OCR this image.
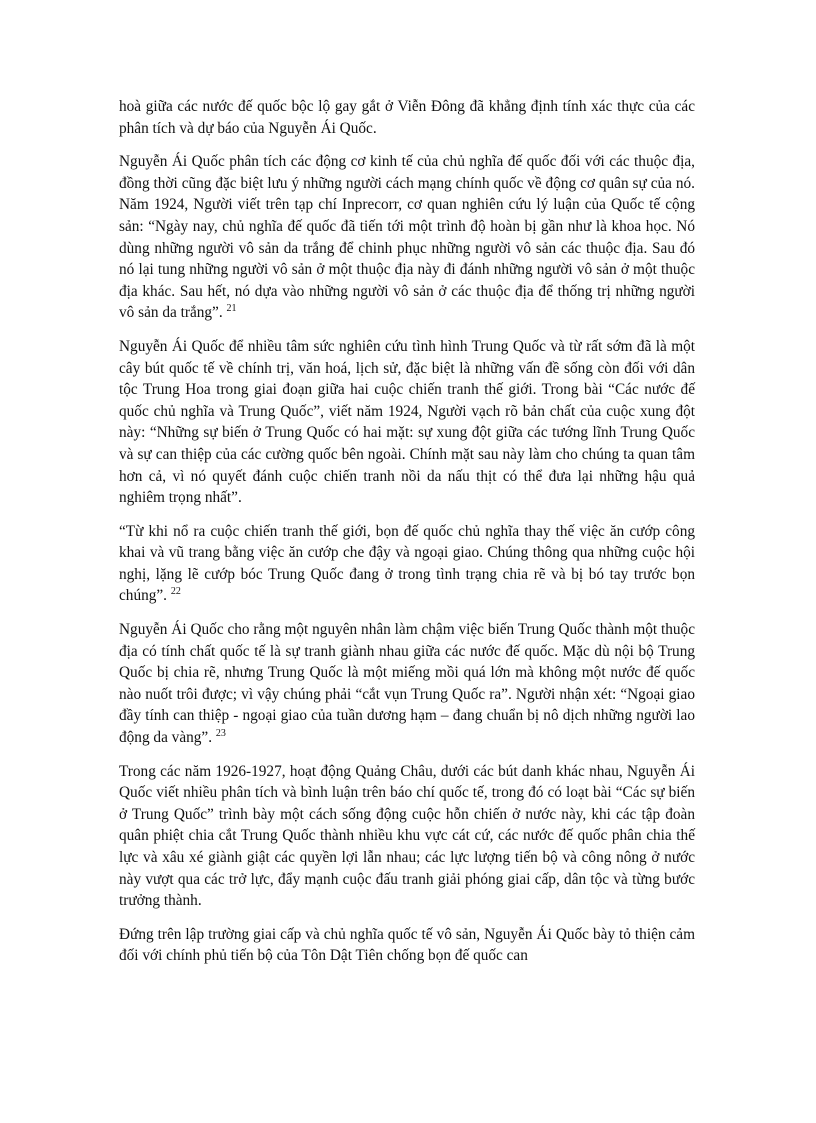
hoà giữa các nước đế quốc bộc lộ gay gắt ở Viễn Đông đã khẳng định tính xác thực của các phân tích và dự báo của Nguyễn Ái Quốc.

Nguyễn Ái Quốc phân tích các động cơ kinh tế của chủ nghĩa đế quốc đối với các thuộc địa, đồng thời cũng đặc biệt lưu ý những người cách mạng chính quốc về động cơ quân sự của nó. Năm 1924, Người viết trên tạp chí Inprecorr, cơ quan nghiên cứu lý luận của Quốc tế cộng sản: “Ngày nay, chủ nghĩa đế quốc đã tiến tới một trình độ hoàn bị gần như là khoa học. Nó dùng những người vô sản da trắng để chinh phục những người vô sản các thuộc địa. Sau đó nó lại tung những người vô sản ở một thuộc địa này đi đánh những người vô sản ở một thuộc địa khác. Sau hết, nó dựa vào những người vô sản ở các thuộc địa để thống trị những người vô sản da trắng”. $^{21}$

Nguyễn Ái Quốc để nhiều tâm sức nghiên cứu tình hình Trung Quốc và từ rất sớm đã là một cây bút quốc tế về chính trị, văn hoá, lịch sử, đặc biệt là những vấn đề sống còn đối với dân tộc Trung Hoa trong giai đoạn giữa hai cuộc chiến tranh thế giới. Trong bài “Các nước đế quốc chủ nghĩa và Trung Quốc”, viết năm 1924, Người vạch rõ bản chất của cuộc xung đột này: “Những sự biến ở Trung Quốc có hai mặt: sự xung đột giữa các tướng lĩnh Trung Quốc và sự can thiệp của các cường quốc bên ngoài. Chính mặt sau này làm cho chúng ta quan tâm hơn cả, vì nó quyết đánh cuộc chiến tranh nồi da nấu thịt có thể đưa lại những hậu quả nghiêm trọng nhất”.

“Từ khi nổ ra cuộc chiến tranh thế giới, bọn đế quốc chủ nghĩa thay thế việc ăn cướp công khai và vũ trang bằng việc ăn cướp che đậy và ngoại giao. Chúng thông qua những cuộc hội nghị, lặng lẽ cướp bóc Trung Quốc đang ở trong tình trạng chia rẽ và bị bó tay trước bọn chúng”. $^{22}$

Nguyễn Ái Quốc cho rằng một nguyên nhân làm chậm việc biến Trung Quốc thành một thuộc địa có tính chất quốc tế là sự tranh giành nhau giữa các nước đế quốc. Mặc dù nội bộ Trung Quốc bị chia rẽ, nhưng Trung Quốc là một miếng mồi quá lớn mà không một nước đế quốc nào nuốt trôi được; vì vậy chúng phải “cắt vụn Trung Quốc ra”. Người nhận xét: “Ngoại giao đầy tính can thiệp - ngoại giao của tuần dương hạm – đang chuẩn bị nô dịch những người lao động da vàng”. $^{23}$

Trong các năm 1926-1927, hoạt động Quảng Châu, dưới các bút danh khác nhau, Nguyễn Ái Quốc viết nhiều phân tích và bình luận trên báo chí quốc tế, trong đó có loạt bài “Các sự biến ở Trung Quốc” trình bày một cách sống động cuộc hỗn chiến ở nước này, khi các tập đoàn quân phiệt chia cắt Trung Quốc thành nhiều khu vực cát cứ, các nước đế quốc phân chia thế lực và xâu xé giành giật các quyền lợi lẫn nhau; các lực lượng tiến bộ và công nông ở nước này vượt qua các trở lực, đẩy mạnh cuộc đấu tranh giải phóng giai cấp, dân tộc và từng bước trưởng thành.

Đứng trên lập trường giai cấp và chủ nghĩa quốc tế vô sản, Nguyễn Ái Quốc bày tỏ thiện cảm đối với chính phủ tiến bộ của Tôn Dật Tiên chống bọn đế quốc can
